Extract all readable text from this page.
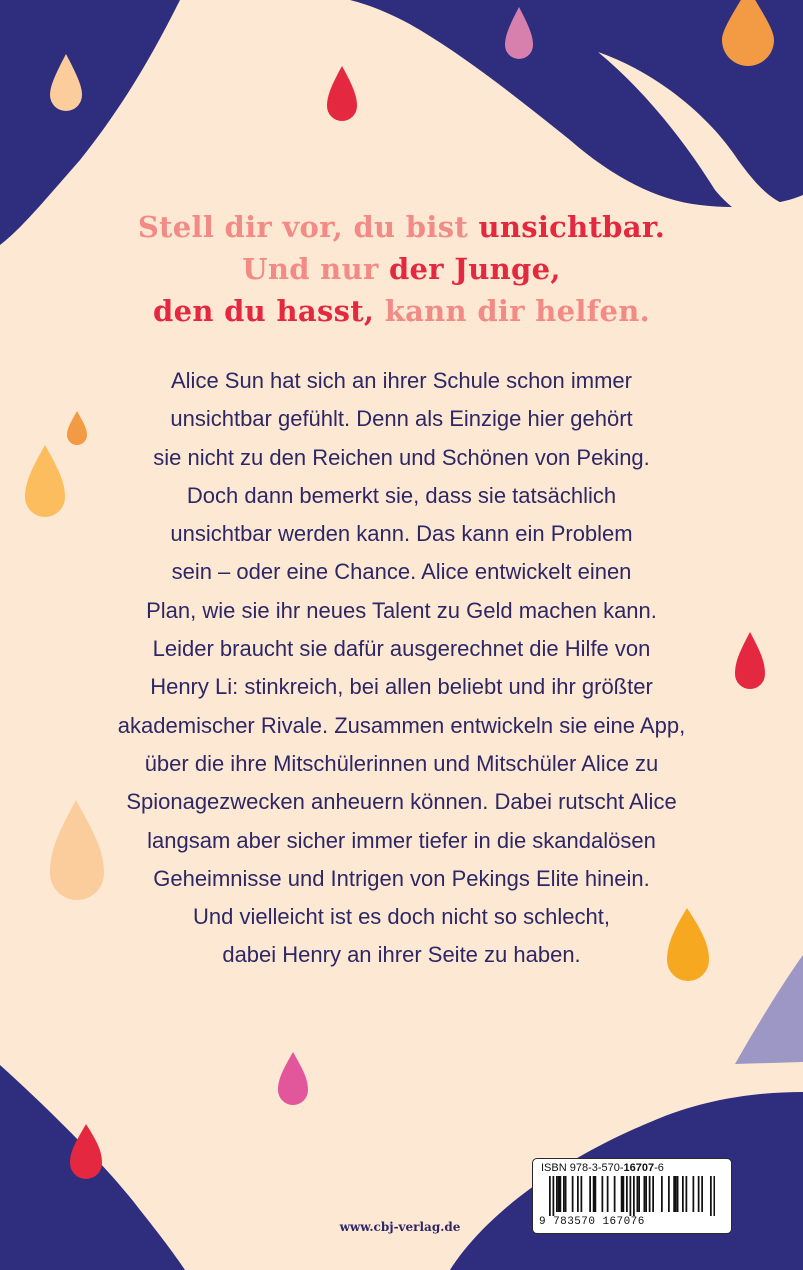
Stell dir vor, du bist unsichtbar.
Und nur der Junge,
den du hasst, kann dir helfen.

Alice Sun hat sich an ihrer Schule schon immer
unsichtbar gefühlt. Denn als Einzige hier gehört
sie nicht zu den Reichen und Schönen von Peking.
Doch dann bemerkt sie, dass sie tatsächlich
unsichtbar werden kann. Das kann ein Problem
sein – oder eine Chance. Alice entwickelt einen
Plan, wie sie ihr neues Talent zu Geld machen kann.
Leider braucht sie dafür ausgerechnet die Hilfe von
Henry Li: stinkreich, bei allen beliebt und ihr größter
akademischer Rivale. Zusammen entwickeln sie eine App,
über die ihre Mitschülerinnen und Mitschüler Alice zu
Spionagezwecken anheuern können. Dabei rutscht Alice
langsam aber sicher immer tiefer in die skandalösen
Geheimnisse und Intrigen von Pekings Elite hinein.
Und vielleicht ist es doch nicht so schlecht,
dabei Henry an ihrer Seite zu haben.

www.cbj-verlag.de
ISBN 978-3-570-16707-6
9 783570 167076
